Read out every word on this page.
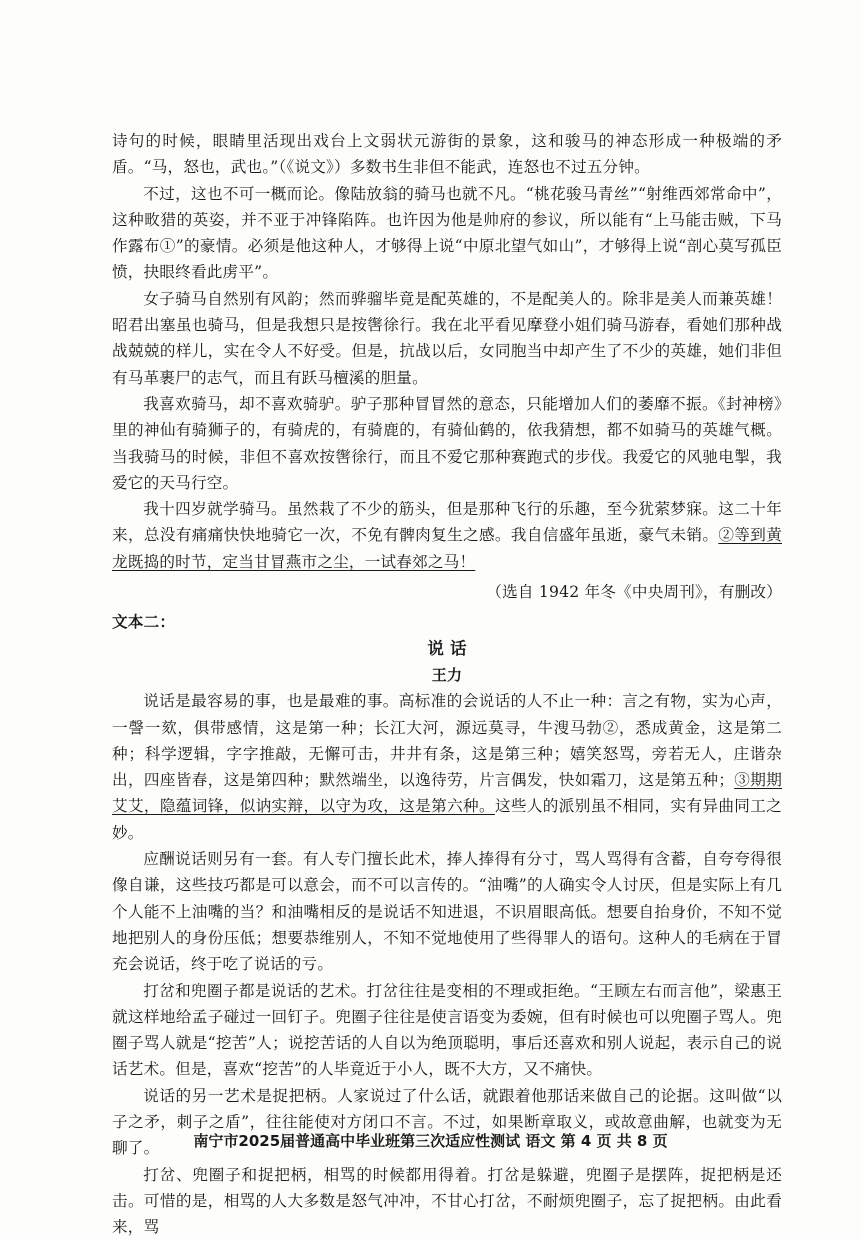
诗句的时候，眼睛里活现出戏台上文弱状元游街的景象，这和骏马的神态形成一种极端的矛盾。“马，怒也，武也。”（《说文》）多数书生非但不能武，连怒也不过五分钟。

不过，这也不可一概而论。像陆放翁的骑马也就不凡。“桃花骏马青丝”“射维西郊常命中”，这种畋猎的英姿，并不亚于冲锋陷阵。也许因为他是帅府的参议，所以能有“上马能击贼，下马作露布①”的豪情。必须是他这种人，才够得上说“中原北望气如山”，才够得上说“剖心莫写孤臣愤，抉眼终看此虏平”。

女子骑马自然别有风韵；然而骅骝毕竟是配英雄的，不是配美人的。除非是美人而兼英雄！昭君出塞虽也骑马，但是我想只是按辔徐行。我在北平看见摩登小姐们骑马游春，看她们那种战战兢兢的样儿，实在令人不好受。但是，抗战以后，女同胞当中却产生了不少的英雄，她们非但有马革裹尸的志气，而且有跃马檀溪的胆量。

我喜欢骑马，却不喜欢骑驴。驴子那种冒冒然的意态，只能增加人们的萎靡不振。《封神榜》里的神仙有骑狮子的，有骑虎的，有骑鹿的，有骑仙鹤的，依我猜想，都不如骑马的英雄气概。当我骑马的时候，非但不喜欢按辔徐行，而且不爱它那种赛跑式的步伐。我爱它的风驰电掣，我爱它的天马行空。

我十四岁就学骑马。虽然栽了不少的筋头，但是那种飞行的乐趣，至今犹萦梦寐。这二十年来，总没有痛痛快快地骑它一次，不免有髀肉复生之感。我自信盛年虽逝，豪气未销。②等到黄龙既捣的时节，定当甘冒燕市之尘，一试春郊之马！

（选自 1942 年冬《中央周刊》，有删改）

文本二：

说 话

王力

说话是最容易的事，也是最难的事。高标准的会说话的人不止一种：言之有物，实为心声，一謦一欬，俱带感情，这是第一种；长江大河，源远莫寻，牛溲马勃②，悉成黄金，这是第二种；科学逻辑，字字推敲，无懈可击，井井有条，这是第三种；嬉笑怒骂，旁若无人，庄谐杂出，四座皆春，这是第四种；默然端坐，以逸待劳，片言偶发，快如霜刀，这是第五种；③期期艾艾，隐蕴词锋，似讷实辩，以守为攻，这是第六种。这些人的派别虽不相同，实有异曲同工之妙。

应酬说话则另有一套。有人专门擅长此术，捧人捧得有分寸，骂人骂得有含蓄，自夸夸得很像自谦，这些技巧都是可以意会，而不可以言传的。“油嘴”的人确实令人讨厌，但是实际上有几个人能不上油嘴的当？和油嘴相反的是说话不知进退，不识眉眼高低。想要自抬身价，不知不觉地把别人的身份压低；想要恭维别人，不知不觉地使用了些得罪人的语句。这种人的毛病在于冒充会说话，终于吃了说话的亏。

打岔和兜圈子都是说话的艺术。打岔往往是变相的不理或拒绝。“王顾左右而言他”，梁惠王就这样地给孟子碰过一回钉子。兜圈子往往是使言语变为委婉，但有时候也可以兜圈子骂人。兜圈子骂人就是“挖苦”人；说挖苦话的人自以为绝顶聪明，事后还喜欢和别人说起，表示自己的说话艺术。但是，喜欢“挖苦”的人毕竟近于小人，既不大方，又不痛快。

说话的另一艺术是捉把柄。人家说过了什么话，就跟着他那话来做自己的论据。这叫做“以子之矛，刺子之盾”，往往能使对方闭口不言。不过，如果断章取义，或故意曲解，也就变为无聊了。

打岔、兜圈子和捉把柄，相骂的时候都用得着。打岔是躲避，兜圈子是摆阵，捉把柄是还击。可惜的是，相骂的人大多数是怒气冲冲，不甘心打岔，不耐烦兜圈子，忘了捉把柄。由此看来，骂

南宁市2025届普通高中毕业班第三次适应性测试 语文 第 4 页 共 8 页
